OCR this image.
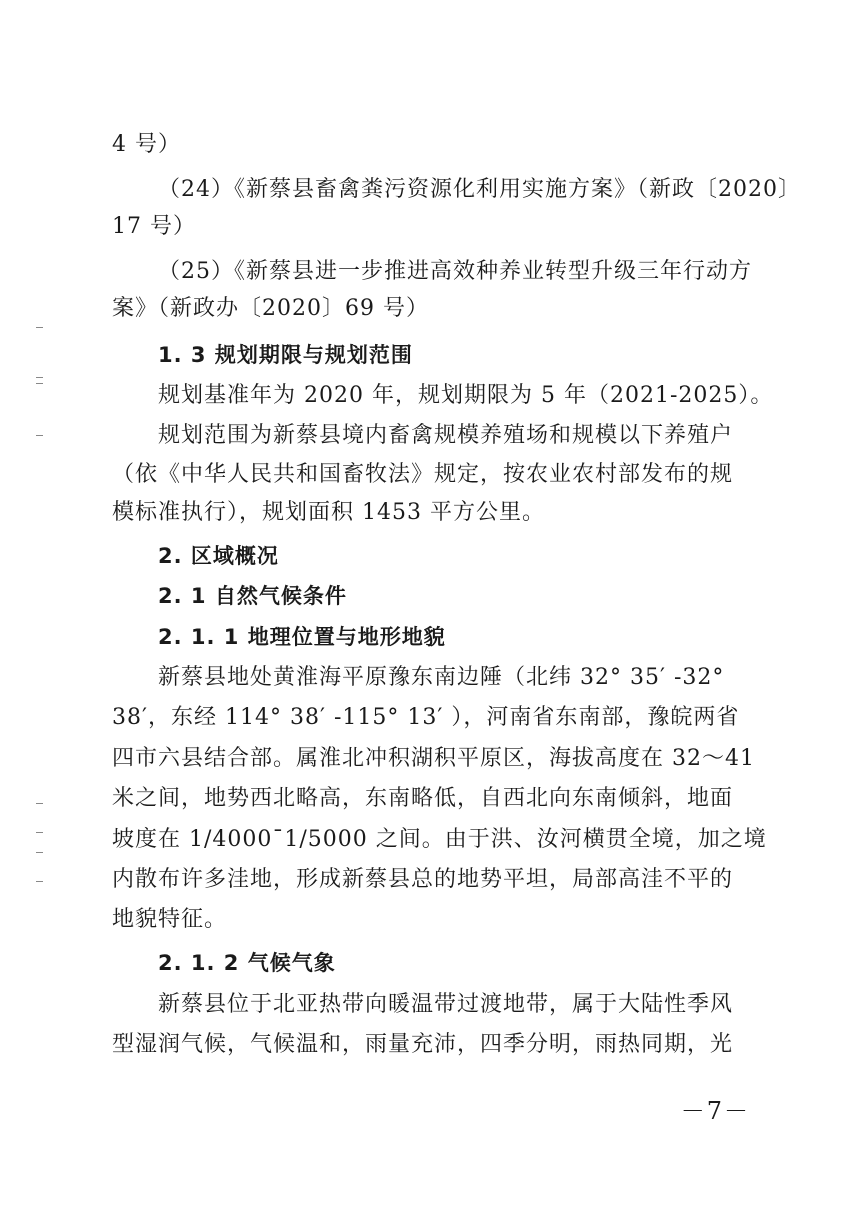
4 号）
（24）《新蔡县畜禽粪污资源化利用实施方案》（新政〔2020〕
17 号）
（25）《新蔡县进一步推进高效种养业转型升级三年行动方
案》（新政办〔2020〕69 号）
1. 3 规划期限与规划范围
规划基准年为 2020 年，规划期限为 5 年（2021-2025）。
规划范围为新蔡县境内畜禽规模养殖场和规模以下养殖户
（依《中华人民共和国畜牧法》规定，按农业农村部发布的规
模标准执行），规划面积 1453 平方公里。
2. 区域概况
2. 1 自然气候条件
2. 1. 1 地理位置与地形地貌
新蔡县地处黄淮海平原豫东南边陲（北纬 32° 35′ -32°
38′，东经 114° 38′ -115° 13′ ），河南省东南部，豫皖两省
四市六县结合部。属淮北冲积湖积平原区，海拔高度在 32～41
米之间，地势西北略高，东南略低，自西北向东南倾斜，地面
坡度在 1/4000¯1/5000 之间。由于洪、汝河横贯全境，加之境
内散布许多洼地，形成新蔡县总的地势平坦，局部高洼不平的
地貌特征。
2. 1. 2 气候气象
新蔡县位于北亚热带向暖温带过渡地带，属于大陆性季风
型湿润气候，气候温和，雨量充沛，四季分明，雨热同期，光
－7－
